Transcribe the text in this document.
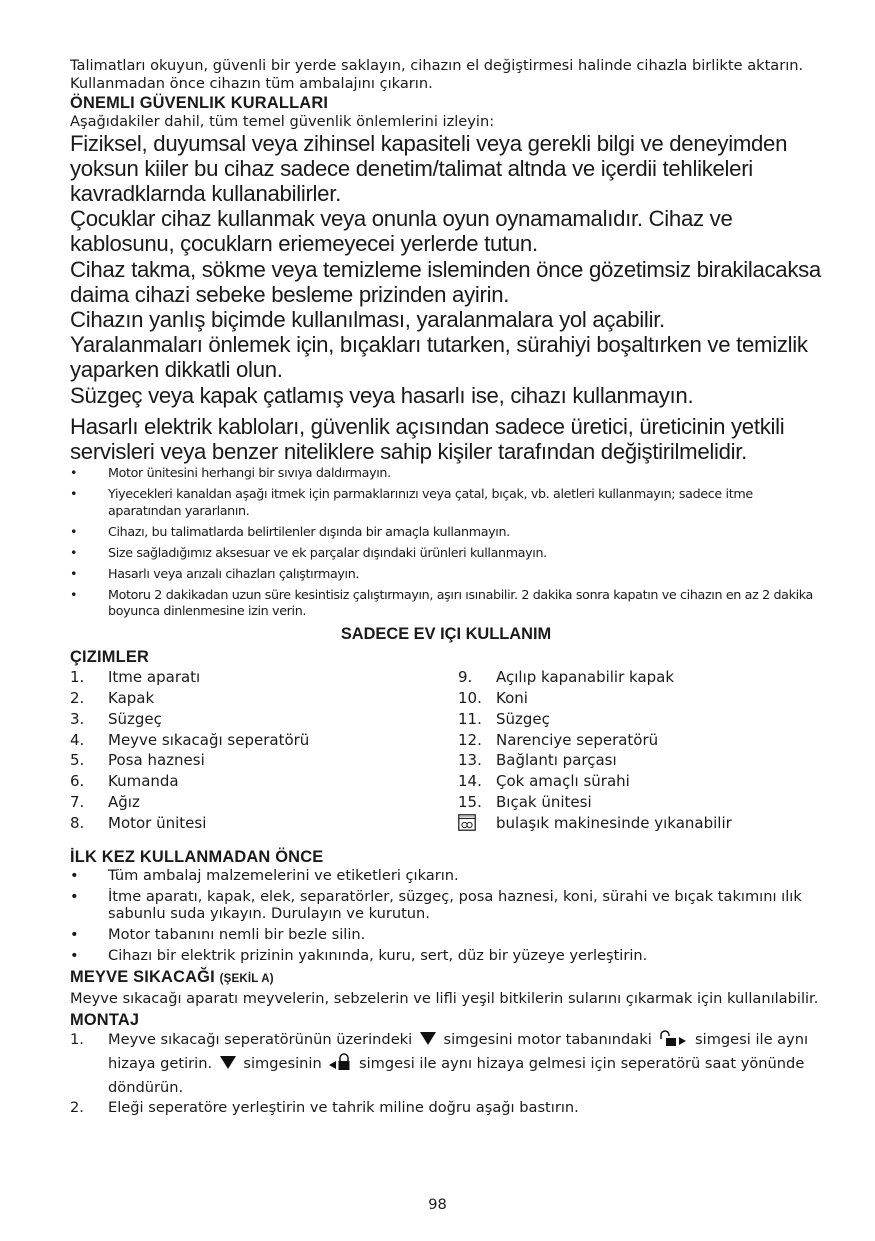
Talimatları okuyun, güvenli bir yerde saklayın, cihazın el değiştirmesi halinde cihazla birlikte aktarın. Kullanmadan önce cihazın tüm ambalajını çıkarın.

ÖNEMLI GÜVENLIK KURALLARI

Aşağıdakiler dahil, tüm temel güvenlik önlemlerini izleyin:

Fiziksel, duyumsal veya zihinsel kapasiteli veya gerekli bilgi ve deneyimden yoksun kiiler bu cihaz sadece denetim/talimat altnda ve içerdii tehlikeleri kavradklarnda kullanabilirler.

Çocuklar cihaz kullanmak veya onunla oyun oynamamalıdır. Cihaz ve kablosunu, çocuklarn eriemeyecei yerlerde tutun.

Cihaz takma, sökme veya temizleme isleminden önce gözetimsiz birakilacaksa daima cihazi sebeke besleme prizinden ayirin.

Cihazın yanlış biçimde kullanılması, yaralanmalara yol açabilir.

Yaralanmaları önlemek için, bıçakları tutarken, sürahiyi boşaltırken ve temizlik yaparken dikkatli olun.

Süzgeç veya kapak çatlamış veya hasarlı ise, cihazı kullanmayın.

Hasarlı elektrik kabloları, güvenlik açısından sadece üretici, üreticinin yetkili servisleri veya benzer niteliklere sahip kişiler tarafından değiştirilmelidir.

• Motor ünitesini herhangi bir sıvıya daldırmayın.
• Yiyecekleri kanaldan aşağı itmek için parmaklarınızı veya çatal, bıçak, vb. aletleri kullanmayın; sadece itme aparatından yararlanın.
• Cihazı, bu talimatlarda belirtilenler dışında bir amaçla kullanmayın.
• Size sağladığımız aksesuar ve ek parçalar dışındaki ürünleri kullanmayın.
• Hasarlı veya arızalı cihazları çalıştırmayın.
• Motoru 2 dakikadan uzun süre kesintisiz çalıştırmayın, aşırı ısınabilir. 2 dakika sonra kapatın ve cihazın en az 2 dakika boyunca dinlenmesine izin verin.

SADECE EV IÇI KULLANIM

ÇIZIMLER
1.	Itme aparatı
2.	Kapak
3.	Süzgeç
4.	Meyve sıkacağı seperatörü
5.	Posa haznesi
6.	Kumanda
7.	Ağız
8.	Motor ünitesi
9.	Açılıp kapanabilir kapak
10. Koni
11. Süzgeç
12. Narenciye seperatörü
13. Bağlantı parçası
14. Çok amaçlı sürahi
15. Bıçak ünitesi
bulaşık makinesinde yıkanabilir
İLK KEZ KULLANMADAN ÖNCE
• Tüm ambalaj malzemelerini ve etiketleri çıkarın.
• İtme aparatı, kapak, elek, separatörler, süzgeç, posa haznesi, koni, sürahi ve bıçak takımını ılık sabunlu suda yıkayın. Durulayın ve kurutun.
• Motor tabanını nemli bir bezle silin.
• Cihazı bir elektrik prizinin yakınında, kuru, sert, düz bir yüzeye yerleştirin.
MEYVE SIKACAĞI (ŞEKİL A)

Meyve sıkacağı aparatı meyvelerin, sebzelerin ve lifli yeşil bitkilerin sularını çıkarmak için kullanılabilir.

MONTAJ
1.	Meyve sıkacağı seperatörünün üzerindeki simgesini motor tabanındaki	simgesi ile aynı hizaya getirin. simgesinin	simgesi ile aynı hizaya gelmesi için seperatörü saat yönünde döndürün.
2.	Eleği seperatöre yerleştirin ve tahrik miline doğru aşağı bastırın.
98
